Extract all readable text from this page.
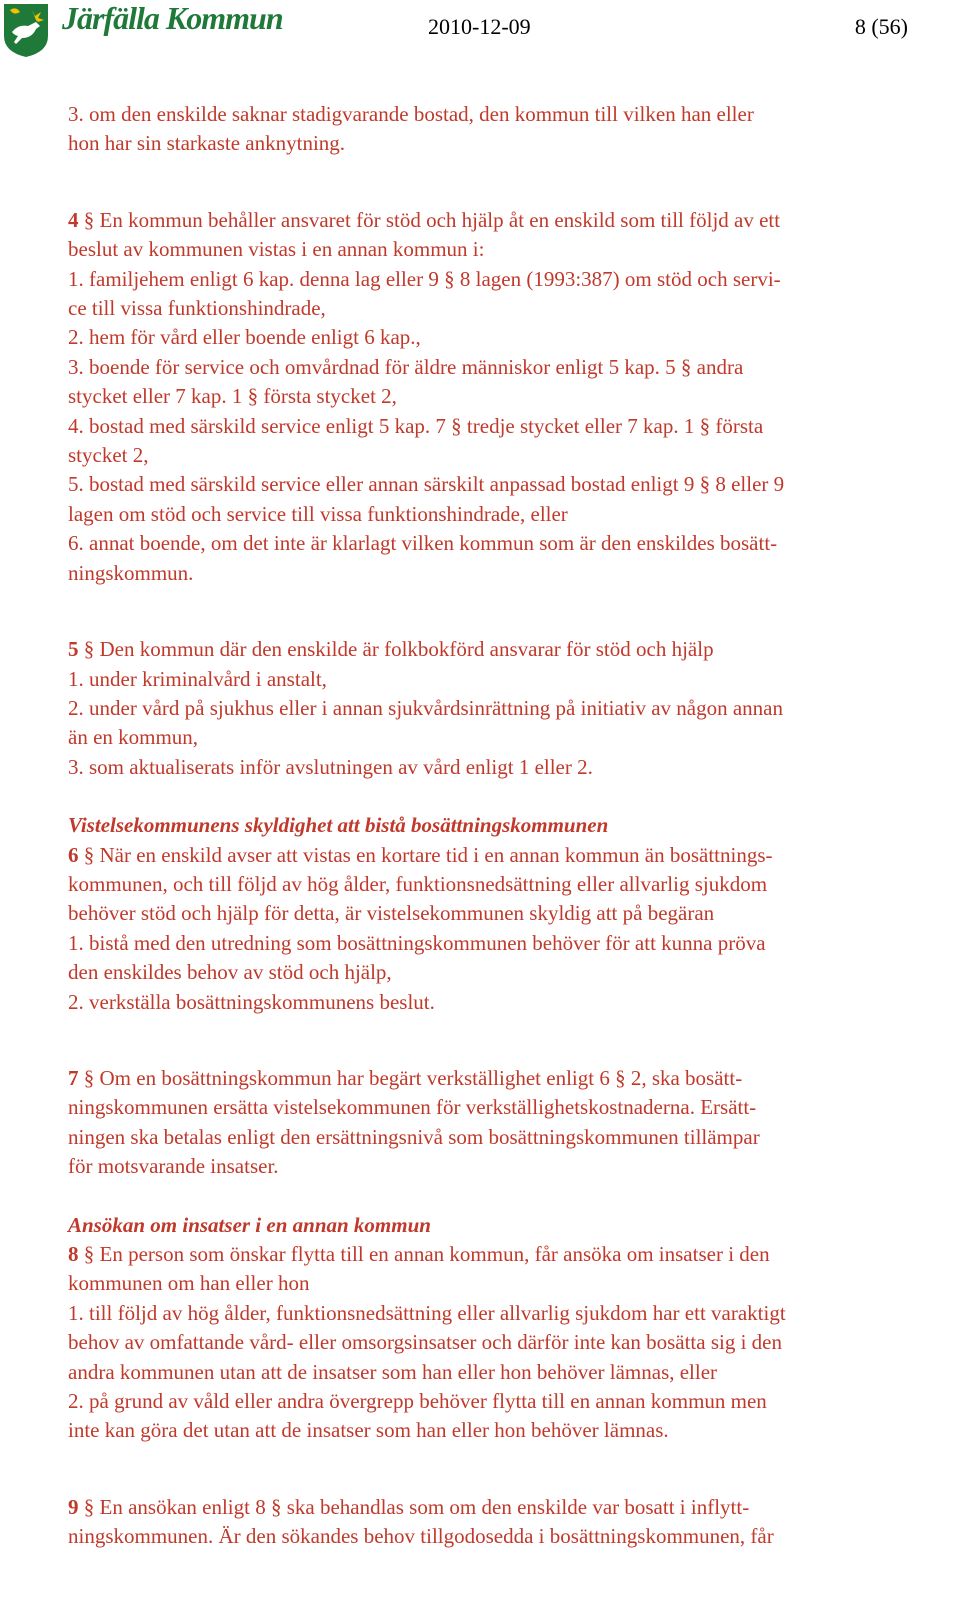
Järfälla Kommun	2010-12-09	8 (56)
3. om den enskilde saknar stadigvarande bostad, den kommun till vilken han eller
hon har sin starkaste anknytning.
4 § En kommun behåller ansvaret för stöd och hjälp åt en enskild som till följd av ett
beslut av kommunen vistas i en annan kommun i:
1. familjehem enligt 6 kap. denna lag eller 9 § 8 lagen (1993:387) om stöd och servi-
ce till vissa funktionshindrade,
2. hem för vård eller boende enligt 6 kap.,
3. boende för service och omvårdnad för äldre människor enligt 5 kap. 5 § andra
stycket eller 7 kap. 1 § första stycket 2,
4. bostad med särskild service enligt 5 kap. 7 § tredje stycket eller 7 kap. 1 § första
stycket 2,
5. bostad med särskild service eller annan särskilt anpassad bostad enligt 9 § 8 eller 9
lagen om stöd och service till vissa funktionshindrade, eller
6. annat boende, om det inte är klarlagt vilken kommun som är den enskildes bosätt-
ningskommun.
5 § Den kommun där den enskilde är folkbokförd ansvarar för stöd och hjälp
1. under kriminalvård i anstalt,
2. under vård på sjukhus eller i annan sjukvårdsinrättning på initiativ av någon annan
än en kommun,
3. som aktualiserats inför avslutningen av vård enligt 1 eller 2.
Vistelsekommunens skyldighet att bistå bosättningskommunen
6 § När en enskild avser att vistas en kortare tid i en annan kommun än bosättnings-
kommunen, och till följd av hög ålder, funktionsnedsättning eller allvarlig sjukdom
behöver stöd och hjälp för detta, är vistelsekommunen skyldig att på begäran
1. bistå med den utredning som bosättningskommunen behöver för att kunna pröva
den enskildes behov av stöd och hjälp,
2. verkställa bosättningskommunens beslut.
7 § Om en bosättningskommun har begärt verkställighet enligt 6 § 2, ska bosätt-
ningskommunen ersätta vistelsekommunen för verkställighetskostnaderna. Ersätt-
ningen ska betalas enligt den ersättningsnivå som bosättningskommunen tillämpar
för motsvarande insatser.
Ansökan om insatser i en annan kommun
8 § En person som önskar flytta till en annan kommun, får ansöka om insatser i den
kommunen om han eller hon
1. till följd av hög ålder, funktionsnedsättning eller allvarlig sjukdom har ett varaktigt
behov av omfattande vård- eller omsorgsinsatser och därför inte kan bosätta sig i den
andra kommunen utan att de insatser som han eller hon behöver lämnas, eller
2. på grund av våld eller andra övergrepp behöver flytta till en annan kommun men
inte kan göra det utan att de insatser som han eller hon behöver lämnas.
9 § En ansökan enligt 8 § ska behandlas som om den enskilde var bosatt i inflytt-
ningskommunen. Är den sökandes behov tillgodosedda i bosättningskommunen, får
